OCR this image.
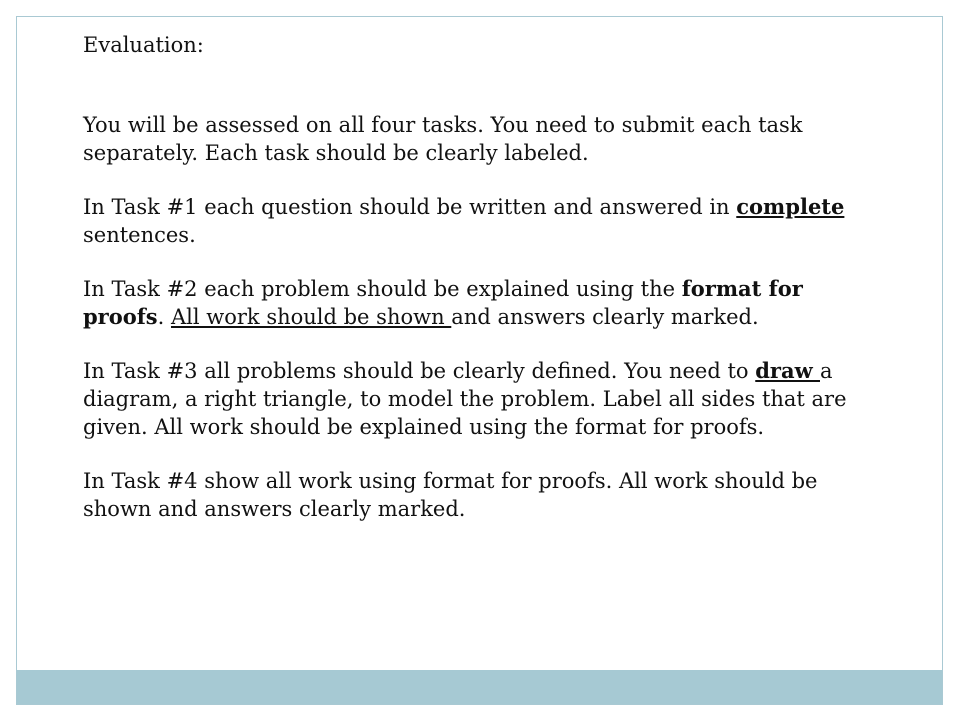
Evaluation:

You will be assessed on all four tasks. You need to submit each task separately. Each task should be clearly labeled.

In Task #1 each question should be written and answered in complete sentences.

In Task #2 each problem should be explained using the format for proofs. All work should be shown and answers clearly marked.

In Task #3 all problems should be clearly defined. You need to draw a diagram, a right triangle, to model the problem. Label all sides that are given. All work should be explained using the format for proofs.

In Task #4 show all work using format for proofs. All work should be shown and answers clearly marked.
